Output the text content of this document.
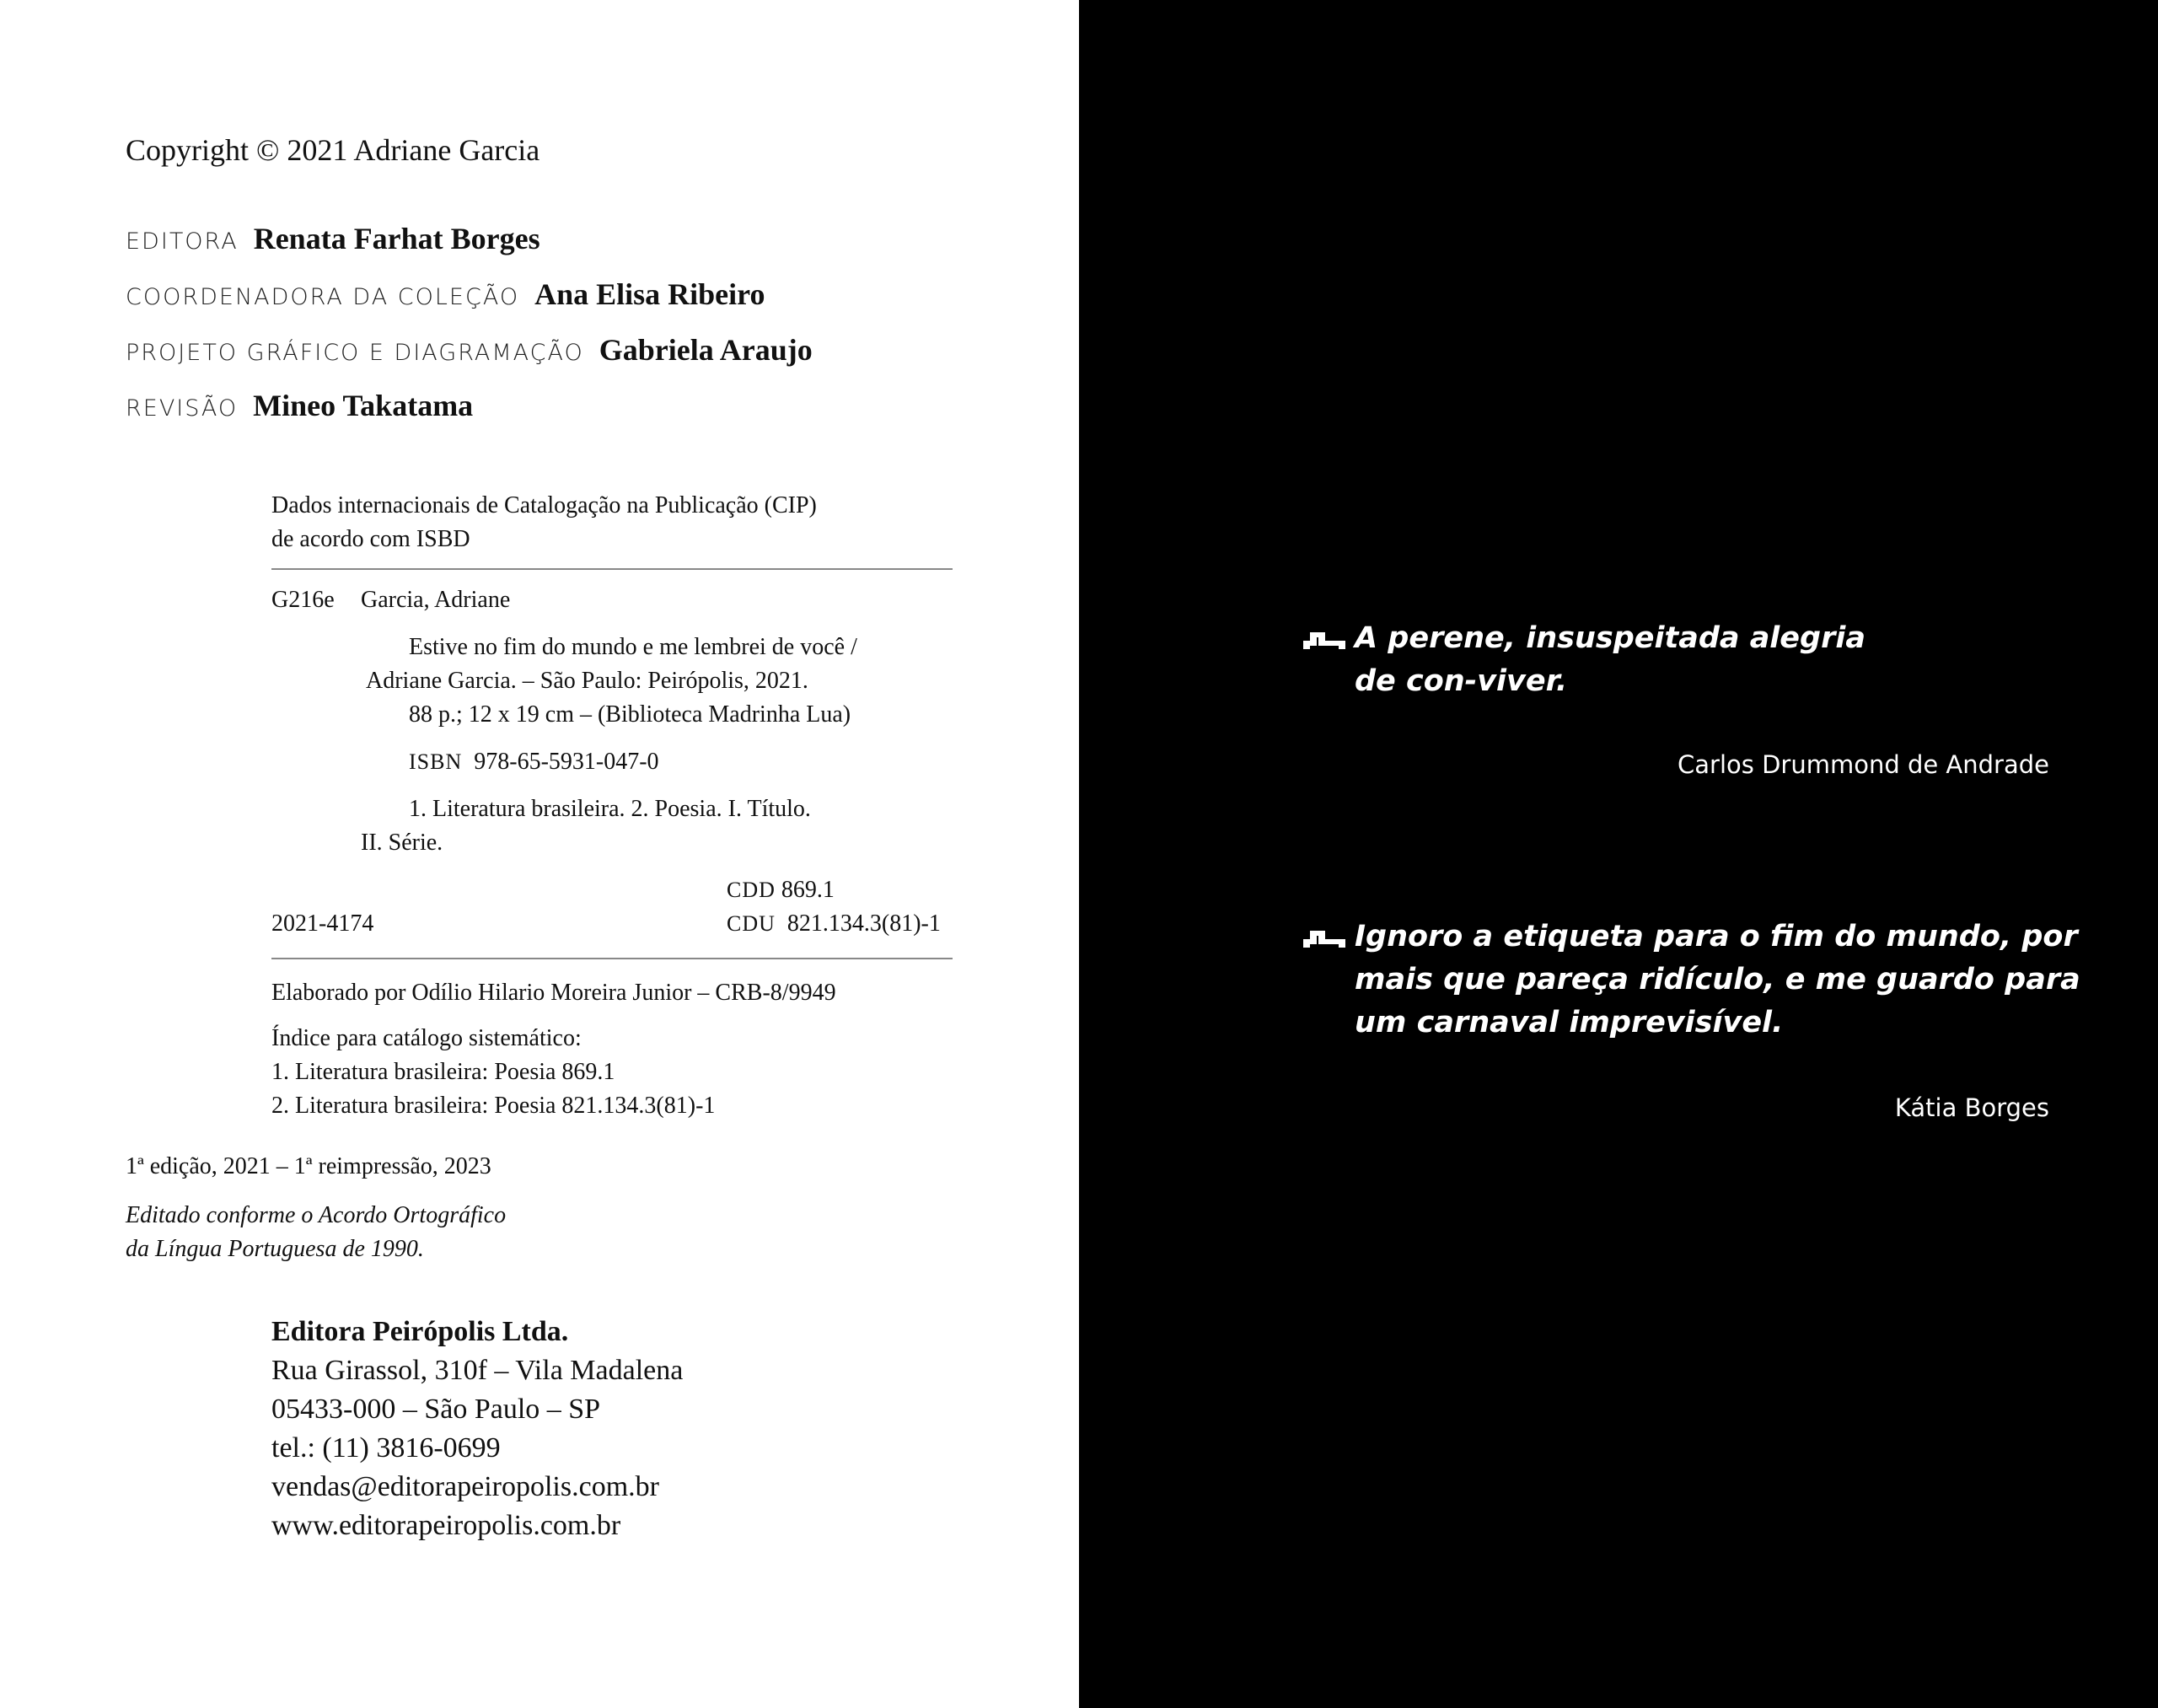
Copyright © 2021 Adriane Garcia
EDITORA Renata Farhat Borges
COORDENADORA DA COLEÇÃO Ana Elisa Ribeiro
PROJETO GRÁFICO E DIAGRAMAÇÃO Gabriela Araujo
REVISÃO Mineo Takatama
Dados internacionais de Catalogação na Publicação (CIP)
de acordo com ISBD
G216e Garcia, Adriane
Estive no fim do mundo e me lembrei de você /
Adriane Garcia. – São Paulo: Peirópolis, 2021.
88 p.; 12 x 19 cm – (Biblioteca Madrinha Lua)
ISBN 978-65-5931-047-0
1. Literatura brasileira. 2. Poesia. I. Título.
II. Série.
CDD 869.1
2021-4174	CDU 821.134.3(81)-1
Elaborado por Odílio Hilario Moreira Junior – CRB-8/9949
Índice para catálogo sistemático:
1. Literatura brasileira: Poesia 869.1
2. Literatura brasileira: Poesia 821.134.3(81)-1
1ª edição, 2021 – 1ª reimpressão, 2023
Editado conforme o Acordo Ortográfico
da Língua Portuguesa de 1990.
Editora Peirópolis Ltda.
Rua Girassol, 310f – Vila Madalena
05433-000 – São Paulo – SP
tel.: (11) 3816-0699
vendas@editorapeiropolis.com.br
www.editorapeiropolis.com.br
A perene, insuspeitada alegria
de con-viver.
Carlos Drummond de Andrade
Ignoro a etiqueta para o fim do mundo, por
mais que pareça ridículo, e me guardo para
um carnaval imprevisível.
Kátia Borges
